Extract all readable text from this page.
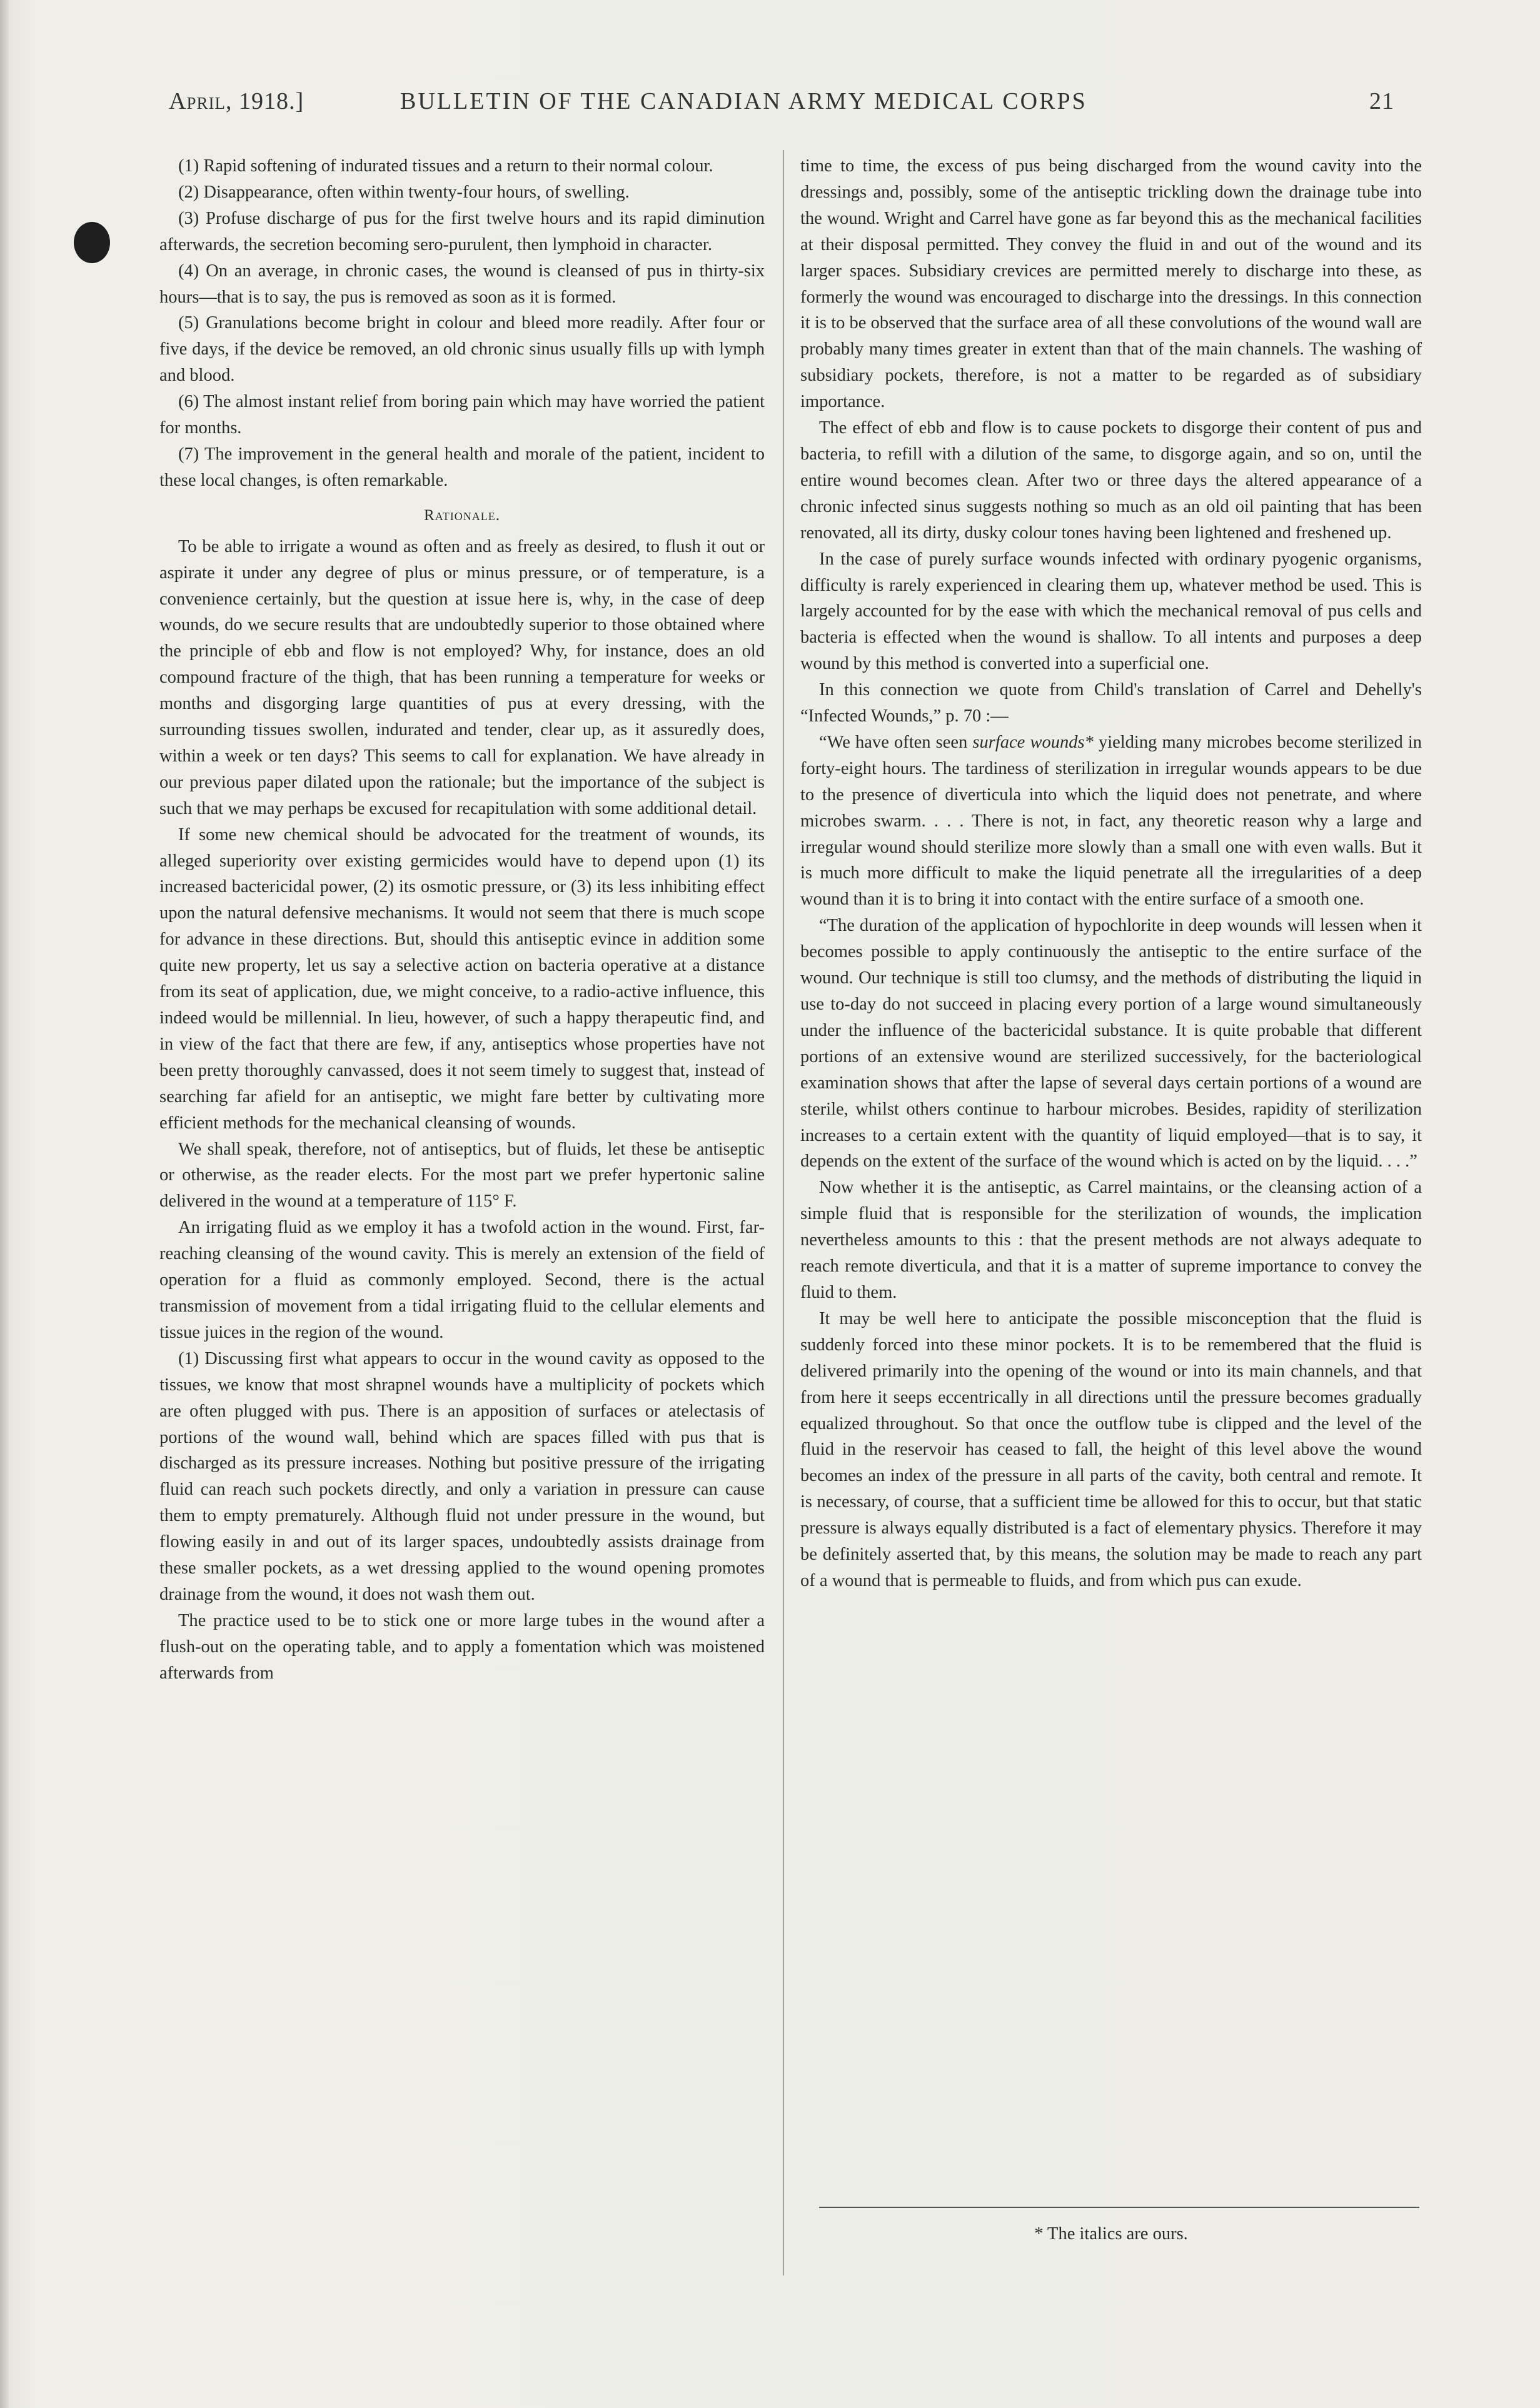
April, 1918.]	BULLETIN OF THE CANADIAN ARMY MEDICAL CORPS	21

(1) Rapid softening of indurated tissues and a return to their normal colour.

(2) Disappearance, often within twenty-four hours, of swelling.

(3) Profuse discharge of pus for the first twelve hours and its rapid diminution afterwards, the secretion becoming sero-purulent, then lymphoid in character.

(4) On an average, in chronic cases, the wound is cleansed of pus in thirty-six hours—that is to say, the pus is removed as soon as it is formed.

(5) Granulations become bright in colour and bleed more readily. After four or five days, if the device be removed, an old chronic sinus usually fills up with lymph and blood.

(6) The almost instant relief from boring pain which may have worried the patient for months.

(7) The improvement in the general health and morale of the patient, incident to these local changes, is often remarkable.

Rationale.

To be able to irrigate a wound as often and as freely as desired, to flush it out or aspirate it under any degree of plus or minus pressure, or of temperature, is a convenience certainly, but the question at issue here is, why, in the case of deep wounds, do we secure results that are undoubtedly superior to those obtained where the principle of ebb and flow is not employed? Why, for instance, does an old compound fracture of the thigh, that has been running a temperature for weeks or months and disgorging large quantities of pus at every dressing, with the surrounding tissues swollen, indurated and tender, clear up, as it assuredly does, within a week or ten days? This seems to call for explanation. We have already in our previous paper dilated upon the rationale; but the importance of the subject is such that we may perhaps be excused for recapitulation with some additional detail.

If some new chemical should be advocated for the treatment of wounds, its alleged superiority over existing germicides would have to depend upon (1) its increased bactericidal power, (2) its osmotic pressure, or (3) its less inhibiting effect upon the natural defensive mechanisms. It would not seem that there is much scope for advance in these directions. But, should this antiseptic evince in addition some quite new property, let us say a selective action on bacteria operative at a distance from its seat of application, due, we might conceive, to a radio-active influence, this indeed would be millennial. In lieu, however, of such a happy therapeutic find, and in view of the fact that there are few, if any, antiseptics whose properties have not been pretty thoroughly canvassed, does it not seem timely to suggest that, instead of searching far afield for an antiseptic, we might fare better by cultivating more efficient methods for the mechanical cleansing of wounds.

We shall speak, therefore, not of antiseptics, but of fluids, let these be antiseptic or otherwise, as the reader elects. For the most part we prefer hypertonic saline delivered in the wound at a temperature of 115° F.

An irrigating fluid as we employ it has a twofold action in the wound. First, far-reaching cleansing of the wound cavity. This is merely an extension of the field of operation for a fluid as commonly employed. Second, there is the actual transmission of movement from a tidal irrigating fluid to the cellular elements and tissue juices in the region of the wound.

(1) Discussing first what appears to occur in the wound cavity as opposed to the tissues, we know that most shrapnel wounds have a multiplicity of pockets which are often plugged with pus. There is an apposition of surfaces or atelectasis of portions of the wound wall, behind which are spaces filled with pus that is discharged as its pressure increases. Nothing but positive pressure of the irrigating fluid can reach such pockets directly, and only a variation in pressure can cause them to empty prematurely. Although fluid not under pressure in the wound, but flowing easily in and out of its larger spaces, undoubtedly assists drainage from these smaller pockets, as a wet dressing applied to the wound opening promotes drainage from the wound, it does not wash them out.

The practice used to be to stick one or more large tubes in the wound after a flush-out on the operating table, and to apply a fomentation which was moistened afterwards from

time to time, the excess of pus being discharged from the wound cavity into the dressings and, possibly, some of the antiseptic trickling down the drainage tube into the wound. Wright and Carrel have gone as far beyond this as the mechanical facilities at their disposal permitted. They convey the fluid in and out of the wound and its larger spaces. Subsidiary crevices are permitted merely to discharge into these, as formerly the wound was encouraged to discharge into the dressings. In this connection it is to be observed that the surface area of all these convolutions of the wound wall are probably many times greater in extent than that of the main channels. The washing of subsidiary pockets, therefore, is not a matter to be regarded as of subsidiary importance.

The effect of ebb and flow is to cause pockets to disgorge their content of pus and bacteria, to refill with a dilution of the same, to disgorge again, and so on, until the entire wound becomes clean. After two or three days the altered appearance of a chronic infected sinus suggests nothing so much as an old oil painting that has been renovated, all its dirty, dusky colour tones having been lightened and freshened up.

In the case of purely surface wounds infected with ordinary pyogenic organisms, difficulty is rarely experienced in clearing them up, whatever method be used. This is largely accounted for by the ease with which the mechanical removal of pus cells and bacteria is effected when the wound is shallow. To all intents and purposes a deep wound by this method is converted into a superficial one.

In this connection we quote from Child's translation of Carrel and Dehelly's “Infected Wounds,” p. 70 :—

“We have often seen surface wounds* yielding many microbes become sterilized in forty-eight hours. The tardiness of sterilization in irregular wounds appears to be due to the presence of diverticula into which the liquid does not penetrate, and where microbes swarm. . . . There is not, in fact, any theoretic reason why a large and irregular wound should sterilize more slowly than a small one with even walls. But it is much more difficult to make the liquid penetrate all the irregularities of a deep wound than it is to bring it into contact with the entire surface of a smooth one.

“The duration of the application of hypochlorite in deep wounds will lessen when it becomes possible to apply continuously the antiseptic to the entire surface of the wound. Our technique is still too clumsy, and the methods of distributing the liquid in use to-day do not succeed in placing every portion of a large wound simultaneously under the influence of the bactericidal substance. It is quite probable that different portions of an extensive wound are sterilized successively, for the bacteriological examination shows that after the lapse of several days certain portions of a wound are sterile, whilst others continue to harbour microbes. Besides, rapidity of sterilization increases to a certain extent with the quantity of liquid employed—that is to say, it depends on the extent of the surface of the wound which is acted on by the liquid. . . .”

Now whether it is the antiseptic, as Carrel maintains, or the cleansing action of a simple fluid that is responsible for the sterilization of wounds, the implication nevertheless amounts to this : that the present methods are not always adequate to reach remote diverticula, and that it is a matter of supreme importance to convey the fluid to them.

It may be well here to anticipate the possible misconception that the fluid is suddenly forced into these minor pockets. It is to be remembered that the fluid is delivered primarily into the opening of the wound or into its main channels, and that from here it seeps eccentrically in all directions until the pressure becomes gradually equalized throughout. So that once the outflow tube is clipped and the level of the fluid in the reservoir has ceased to fall, the height of this level above the wound becomes an index of the pressure in all parts of the cavity, both central and remote. It is necessary, of course, that a sufficient time be allowed for this to occur, but that static pressure is always equally distributed is a fact of elementary physics. Therefore it may be definitely asserted that, by this means, the solution may be made to reach any part of a wound that is permeable to fluids, and from which pus can exude.

* The italics are ours.
